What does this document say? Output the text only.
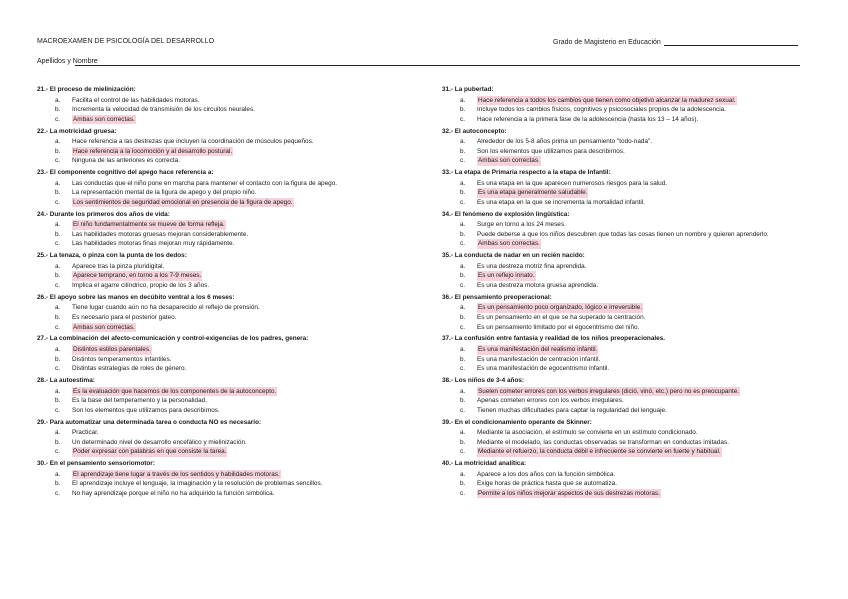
MACROEXAMEN DE PSICOLOGÍA DEL DESARROLLO	Grado de Magisterio en Educación
Apellidos y Nombre
21.- El proceso de mielinización:
a. Facilita el control de las habilidades motoras.
b. Incrementa la velocidad de transmisión de los circuitos neurales.
c. Ambas son correctas.
22.- La motricidad gruesa:
a. Hace referencia a las destrezas que incluyen la coordinación de músculos pequeños.
b. Hace referencia a la locomoción y al desarrollo postural.
c. Ninguna de las anteriores es correcta.
23.- El componente cognitivo del apego hace referencia a:
a. Las conductas que el niño pone en marcha para mantener el contacto con la figura de apego.
b. La representación mental de la figura de apego y del propio niño.
c. Los sentimientos de seguridad emocional en presencia de la figura de apego.
24.- Durante los primeros dos años de vida:
a. El niño fundamentalmente se mueve de forma refleja.
b. Las habilidades motoras gruesas mejoran considerablemente.
c. Las habilidades motoras finas mejoran muy rápidamente.
25.- La tenaza, o pinza con la punta de los dedos:
a. Aparece tras la pinza pluridigital.
b. Aparece temprano, en torno a los 7-9 meses.
c. Implica el agarre cilíndrico, propio de los 3 años.
26.- El apoyo sobre las manos en decúbito ventral a los 6 meses:
a. Tiene lugar cuando aún no ha desaparecido el reflejo de prensión.
b. Es necesario para el posterior gateo.
c. Ambas son correctas.
27.- La combinación del afecto-comunicación y control-exigencias de los padres, genera:
a. Distintos estilos parentales.
b. Distintos temperamentos infantiles.
c. Distintas estrategias de roles de género.
28.- La autoestima:
a. Es la evaluación que hacemos de los componentes de la autoconcepto.
b. Es la base del temperamento y la personalidad.
c. Son los elementos que utilizamos para describirnos.
29.- Para automatizar una determinada tarea o conducta NO es necesario:
a. Practicar.
b. Un determinado nivel de desarrollo encefálico y mielinización.
c. Poder expresar con palabras en que consiste la tarea.
30.- En el pensamiento sensoriomotor:
a. El aprendizaje tiene lugar a través de los sentidos y habilidades motoras.
b. El aprendizaje incluye el lenguaje, la imaginación y la resolución de problemas sencillos.
c. No hay aprendizaje porque el niño no ha adquirido la función simbólica.
31.- La pubertad:
a. Hace referencia a todos los cambios que tienen como objetivo alcanzar la madurez sexual.
b. Incluye todos los cambios físicos, cognitivos y psicosociales propios de la adolescencia.
c. Hace referencia a la primera fase de la adolescencia (hasta los 13 – 14 años).
32.- El autoconcepto:
a. Alrededor de los 5-8 años prima un pensamiento "todo-nada".
b. Son los elementos que utilizamos para describirnos.
c. Ambas son correctas.
33.- La etapa de Primaria respecto a la etapa de Infantil:
a. Es una etapa en la que aparecen numerosos riesgos para la salud.
b. Es una etapa generalmente saludable.
c. Es una etapa en la que se incrementa la mortalidad infantil.
34.- El fenómeno de explosión lingüística:
a. Surge en torno a los 24 meses.
b. Puede deberse a que los niños descubren que todas las cosas tienen un nombre y quieren aprenderlo.
c. Ambas son correctas.
35.- La conducta de nadar en un recién nacido:
a. Es una destreza motriz fina aprendida.
b. Es un reflejo innato.
c. Es una destreza motora gruesa aprendida.
36.- El pensamiento preoperacional:
a. Es un pensamiento poco organizado, lógico e irreversible.
b. Es un pensamiento en el que se ha superado la centración.
c. Es un pensamiento limitado por el egocentrismo del niño.
37.- La confusión entre fantasía y realidad de los niños preoperacionales.
a. Es una manifestación del realismo infantil.
b. Es una manifestación de centración infantil.
c. Es una manifestación de egocentrismo infantil.
38.- Los niños de 3-4 años:
a. Suelen cometer errores con los verbos irregulares (dició, vinó, etc.) pero no es preocupante.
b. Apenas cometen errores con los verbos irregulares.
c. Tienen muchas dificultades para captar la regularidad del lenguaje.
39.- En el condicionamiento operante de Skinner:
a. Mediante la asociación, el estímulo se convierte en un estímulo condicionado.
b. Mediante el modelado, las conductas observadas se transforman en conductas imitadas.
c. Mediante el refuerzo, la conducta débil e infrecuente se convierte en fuerte y habitual.
40.- La motricidad analítica:
a. Aparece a los dos años con la función simbólica.
b. Exige horas de práctica hasta que se automatiza.
c. Permite a los niños mejorar aspectos de sus destrezas motoras.
